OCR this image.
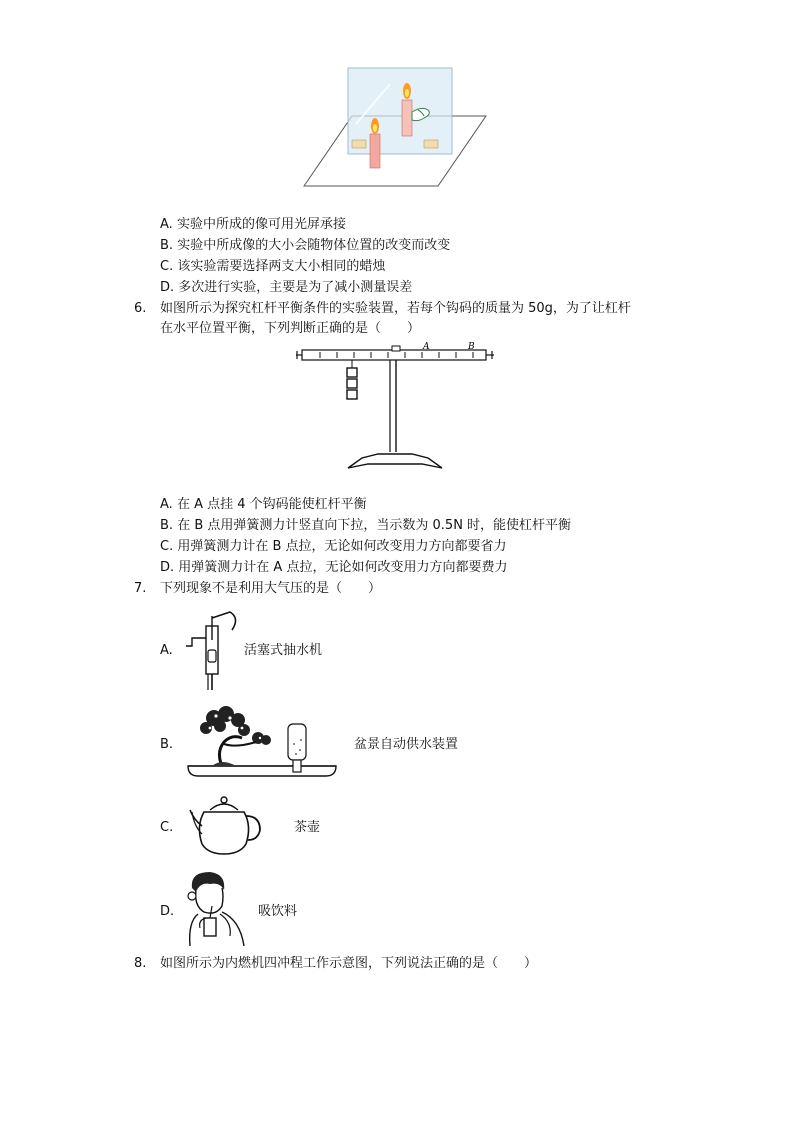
A. 实验中所成的像可用光屏承接
B. 实验中所成像的大小会随物体位置的改变而改变
C. 该实验需要选择两支大小相同的蜡烛
D. 多次进行实验，主要是为了减小测量误差
6. 如图所示为探究杠杆平衡条件的实验装置，若每个钩码的质量为 50g，为了让杠杆
在水平位置平衡，下列判断正确的是（　　）
A	B
A. 在 A 点挂 4 个钩码能使杠杆平衡
B. 在 B 点用弹簧测力计竖直向下拉，当示数为 0.5N 时，能使杠杆平衡
C. 用弹簧测力计在 B 点拉，无论如何改变用力方向都要省力
D. 用弹簧测力计在 A 点拉，无论如何改变用力方向都要费力
7. 下列现象不是利用大气压的是（　　）
A.	活塞式抽水机
B.	盆景自动供水装置
C.	茶壶
D.	吸饮料
8. 如图所示为内燃机四冲程工作示意图，下列说法正确的是（　　）
